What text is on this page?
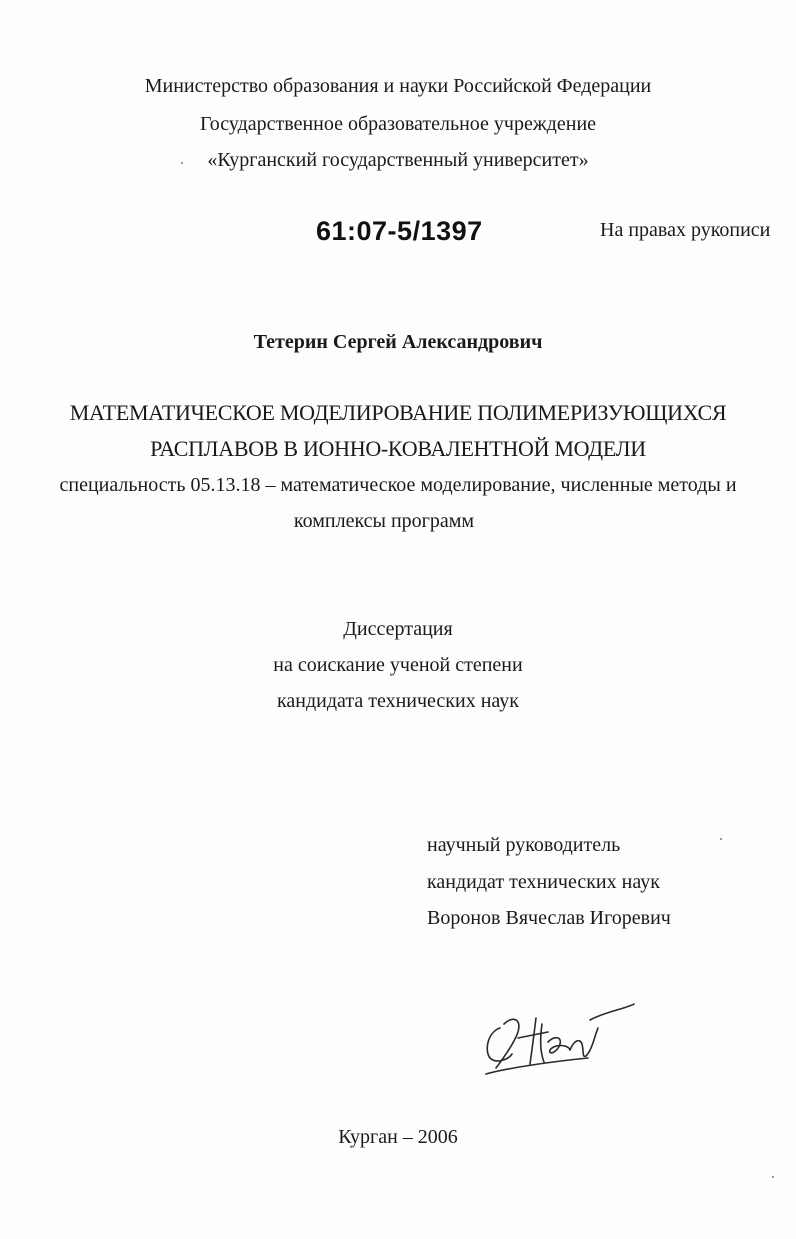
Министерство образования и науки Российской Федерации
Государственное образовательное учреждение
«Курганский государственный университет»
61:07-5/1397	На правах рукописи
Тетерин Сергей Александрович
МАТЕМАТИЧЕСКОЕ МОДЕЛИРОВАНИЕ ПОЛИМЕРИЗУЮЩИХСЯ
РАСПЛАВОВ В ИОННО-КОВАЛЕНТНОЙ МОДЕЛИ
специальность 05.13.18 – математическое моделирование, численные методы и
комплексы программ
Диссертация
на соискание ученой степени
кандидата технических наук
научный руководитель
кандидат технических наук
Воронов Вячеслав Игоревич
Курган – 2006
